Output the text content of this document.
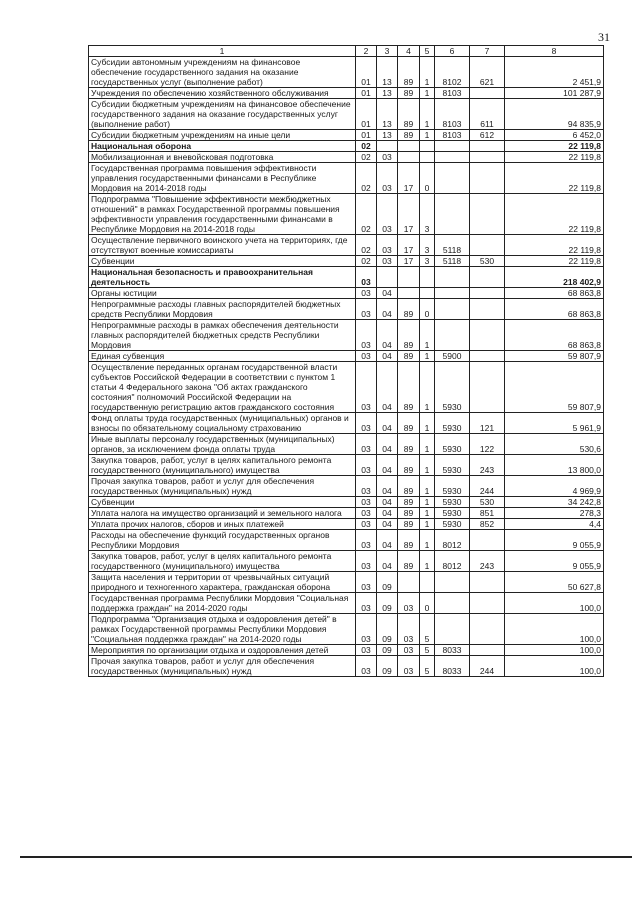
31
1	2	3	4	5	6	7	8
Субсидии автономным учреждениям на финансовое обеспечение государственного задания на оказание государственных услуг (выполнение работ)	01	13	89	1	8102	621	2 451,9
Учреждения по обеспечению хозяйственного обслуживания	01	13	89	1	8103		101 287,9
Субсидии бюджетным учреждениям на финансовое обеспечение государственного задания на оказание государственных услуг (выполнение работ)	01	13	89	1	8103	611	94 835,9
Субсидии бюджетным учреждениям на иные цели	01	13	89	1	8103	612	6 452,0
Национальная оборона	02						22 119,8
Мобилизационная и вневойсковая подготовка	02	03					22 119,8
Государственная программа повышения эффективности управления государственными финансами в Республике Мордовия на 2014-2018 годы	02	03	17	0			22 119,8
Подпрограмма "Повышение эффективности межбюджетных отношений" в рамках Государственной программы повышения эффективности управления государственными финансами в Республике Мордовия на 2014-2018 годы	02	03	17	3			22 119,8
Осуществление первичного воинского учета на территориях, где отсутствуют военные комиссариаты	02	03	17	3	5118		22 119,8
Субвенции	02	03	17	3	5118	530	22 119,8
Национальная безопасность и правоохранительная деятельность	03						218 402,9
Органы юстиции	03	04					68 863,8
Непрограммные расходы главных распорядителей бюджетных средств Республики Мордовия	03	04	89	0			68 863,8
Непрограммные расходы в рамках обеспечения деятельности главных распорядителей бюджетных средств Республики Мордовия	03	04	89	1			68 863,8
Единая субвенция	03	04	89	1	5900		59 807,9
Осуществление переданных органам государственной власти субъектов Российской Федерации в соответствии с пунктом 1 статьи 4 Федерального закона "Об актах гражданского состояния" полномочий Российской Федерации на государственную регистрацию актов гражданского состояния	03	04	89	1	5930		59 807,9
Фонд оплаты труда государственных (муниципальных) органов и взносы по обязательному социальному страхованию	03	04	89	1	5930	121	5 961,9
Иные выплаты персоналу государственных (муниципальных) органов, за исключением фонда оплаты труда	03	04	89	1	5930	122	530,6
Закупка товаров, работ, услуг в целях капитального ремонта государственного (муниципального) имущества	03	04	89	1	5930	243	13 800,0
Прочая закупка товаров, работ и услуг для обеспечения государственных (муниципальных) нужд	03	04	89	1	5930	244	4 969,9
Субвенции	03	04	89	1	5930	530	34 242,8
Уплата налога на имущество организаций и земельного налога	03	04	89	1	5930	851	278,3
Уплата прочих налогов, сборов и иных платежей	03	04	89	1	5930	852	4,4
Расходы на обеспечение функций государственных органов Республики Мордовия	03	04	89	1	8012		9 055,9
Закупка товаров, работ, услуг в целях капитального ремонта государственного (муниципального) имущества	03	04	89	1	8012	243	9 055,9
Защита населения и территории от чрезвычайных ситуаций природного и техногенного характера, гражданская оборона	03	09					50 627,8
Государственная программа Республики Мордовия "Социальная поддержка граждан" на 2014-2020 годы	03	09	03	0			100,0
Подпрограмма "Организация отдыха и оздоровления детей" в рамках Государственной программы Республики Мордовия "Социальная поддержка граждан" на 2014-2020 годы	03	09	03	5			100,0
Мероприятия по организации отдыха и оздоровления детей	03	09	03	5	8033		100,0
Прочая закупка товаров, работ и услуг для обеспечения государственных (муниципальных) нужд	03	09	03	5	8033	244	100,0
